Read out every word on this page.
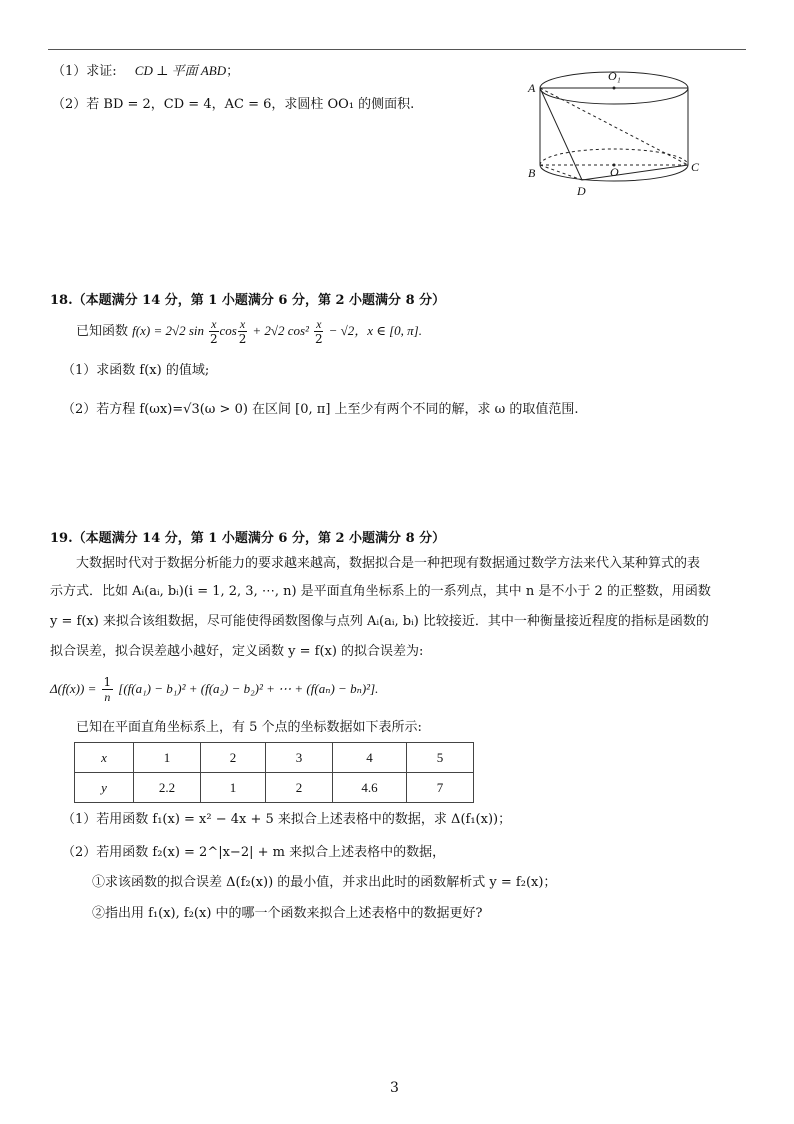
（1）求证: CD ⊥ 平面 ABD；
（2）若 BD = 2，CD = 4，AC = 6，求圆柱 OO₁ 的侧面积.
A
O₁
B	O	C
D
18.（本题满分 14 分，第 1 小题满分 6 分，第 2 小题满分 8 分）
已知函数 f(x) = 2√2 $\sin \frac{x}{2}$ $\cos \frac{x}{2} + 2√2$ $\cos^2 \frac{x}{2} - √2$，x ∈ [0, π].
（1）求函数 f(x) 的值域;
（2）若方程 f(ωx)=√3(ω > 0) 在区间 [0, π] 上至少有两个不同的解，求 ω 的取值范围.
19.（本题满分 14 分，第 1 小题满分 6 分，第 2 小题满分 8 分）
大数据时代对于数据分析能力的要求越来越高，数据拟合是一种把现有数据通过数学方法来代入某种算式的表
示方式．比如 Aᵢ(aᵢ, bᵢ)(i = 1, 2, 3, ⋯, n) 是平面直角坐标系上的一系列点，其中 n 是不小于 2 的正整数，用函数
y = f(x) 来拟合该组数据，尽可能使得函数图像与点列 Aᵢ(aᵢ, bᵢ) 比较接近．其中一种衡量接近程度的指标是函数的
拟合误差，拟合误差越小越好，定义函数 y = f(x) 的拟合误差为:
$\Delta(f(x)) = \frac{1}{n} [(f(a_1) - b_1)^2 + (f(a_2) - b_2)^2$ + ⋯ + (f(aₙ) − bₙ)²].
已知在平面直角坐标系上，有 5 个点的坐标数据如下表所示:
x	1	2	3	4	5
y	2.2	1	2	4.6	7
（1）若用函数 f₁(x) = x² − 4x + 5 来拟合上述表格中的数据，求 Δ(f₁(x))；
（2）若用函数 f₂(x) = 2^|x−2| + m 来拟合上述表格中的数据，
①求该函数的拟合误差 Δ(f₂(x)) 的最小值，并求出此时的函数解析式 y = f₂(x)；
②指出用 f₁(x), f₂(x) 中的哪一个函数来拟合上述表格中的数据更好?
3
